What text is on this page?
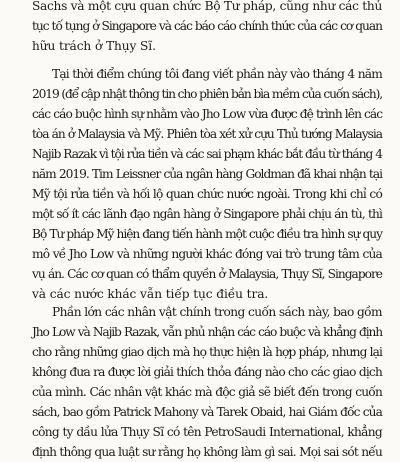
Sachs và một cựu quan chức Bộ Tư pháp, cũng như các thủ
tục tố tụng ở Singapore và các báo cáo chính thức của các cơ quan
hữu trách ở Thụy Sĩ.
Tại thời điểm chúng tôi đang viết phần này vào tháng 4 năm
2019 (để cập nhật thông tin cho phiên bản bìa mềm của cuốn sách),
các cáo buộc hình sự nhằm vào Jho Low vừa được đệ trình lên các
tòa án ở Malaysia và Mỹ. Phiên tòa xét xử cựu Thủ tướng Malaysia
Najib Razak vì tội rửa tiền và các sai phạm khác bắt đầu từ tháng 4
năm 2019. Tim Leissner của ngân hàng Goldman đã khai nhận tại
Mỹ tội rửa tiền và hối lộ quan chức nước ngoài. Trong khi chỉ có
một số ít các lãnh đạo ngân hàng ở Singapore phải chịu án tù, thì
Bộ Tư pháp Mỹ hiện đang tiến hành một cuộc điều tra hình sự quy
mô về Jho Low và những người khác đóng vai trò trung tâm của
vụ án. Các cơ quan có thẩm quyền ở Malaysia, Thụy Sĩ, Singapore
và các nước khác vẫn tiếp tục điều tra.
Phần lớn các nhân vật chính trong cuốn sách này, bao gồm
Jho Low và Najib Razak, vẫn phủ nhận các cáo buộc và khẳng định
cho rằng những giao dịch mà họ thực hiện là hợp pháp, nhưng lại
không đưa ra được lời giải thích thỏa đáng nào cho các giao dịch
của mình. Các nhân vật khác mà độc giả sẽ biết đến trong cuốn
sách, bao gồm Patrick Mahony và Tarek Obaid, hai Giám đốc của
công ty dầu lửa Thụy Sĩ có tên PetroSaudi International, khẳng
định thông qua luật sư rằng họ không làm gì sai. Mọi sai sót nếu
